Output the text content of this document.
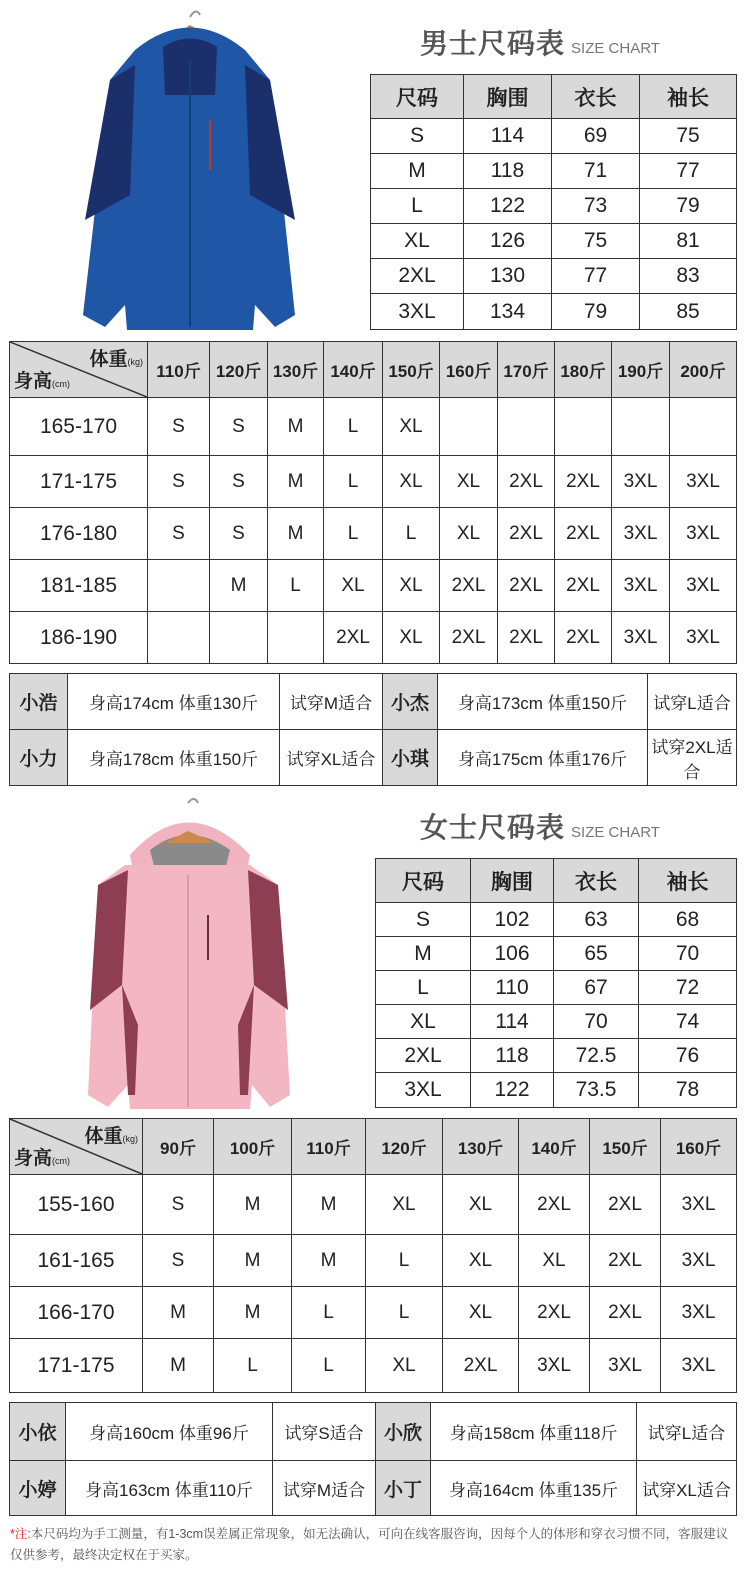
男士尺码表 SIZE CHART
尺码	胸围	衣长	袖长
S	114	69	75
M	118	71	77
L	122	73	79
XL	126	75	81
2XL	130	77	83
3XL	134	79	85
体重(kg)
身高(cm)	110斤	120斤	130斤	140斤	150斤	160斤	170斤	180斤	190斤	200斤
165-170	S	S	M	L	XL					
171-175	S	S	M	L	XL	XL	2XL	2XL	3XL	3XL
176-180	S	S	M	L	L	XL	2XL	2XL	3XL	3XL
181-185		M	L	XL	XL	2XL	2XL	2XL	3XL	3XL
186-190				2XL	XL	2XL	2XL	2XL	3XL	3XL
小浩	身高174cm 体重130斤	试穿M适合	小杰	身高173cm 体重150斤	试穿L适合
小力	身高178cm 体重150斤	试穿XL适合	小琪	身高175cm 体重176斤	试穿2XL适合
女士尺码表 SIZE CHART
尺码	胸围	衣长	袖长
S	102	63	68
M	106	65	70
L	110	67	72
XL	114	70	74
2XL	118	72.5	76
3XL	122	73.5	78
体重(kg)
身高(cm)	90斤	100斤	110斤	120斤	130斤	140斤	150斤	160斤
155-160	S	M	M	XL	XL	2XL	2XL	3XL
161-165	S	M	M	L	XL	XL	2XL	3XL
166-170	M	M	L	L	XL	2XL	2XL	3XL
171-175	M	L	L	XL	2XL	3XL	3XL	3XL
小依	身高160cm 体重96斤	试穿S适合	小欣	身高158cm 体重118斤	试穿L适合
小婷	身高163cm 体重110斤	试穿M适合	小丁	身高164cm 体重135斤	试穿XL适合
*注:本尺码均为手工测量，有1-3cm误差属正常现象，如无法确认，可向在线客服咨询，因每个人的体形和穿衣习惯不同，客服建议仅供参考，最终决定权在于买家。
